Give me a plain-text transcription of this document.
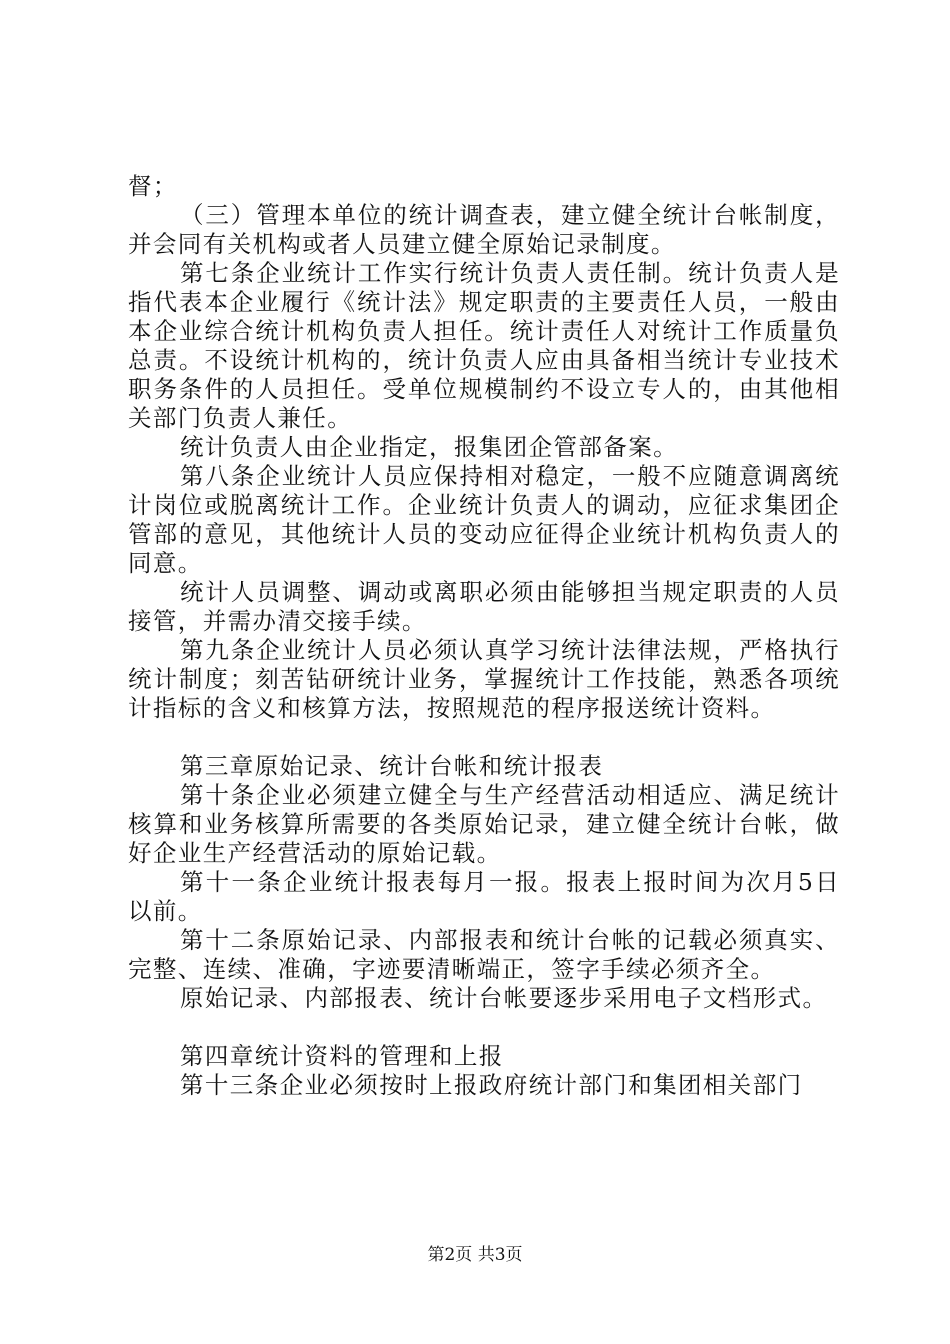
督；

（三）管理本单位的统计调查表，建立健全统计台帐制度，并会同有关机构或者人员建立健全原始记录制度。

第七条企业统计工作实行统计负责人责任制。统计负责人是指代表本企业履行《统计法》规定职责的主要责任人员，一般由本企业综合统计机构负责人担任。统计责任人对统计工作质量负总责。不设统计机构的，统计负责人应由具备相当统计专业技术职务条件的人员担任。受单位规模制约不设立专人的，由其他相关部门负责人兼任。

统计负责人由企业指定，报集团企管部备案。

第八条企业统计人员应保持相对稳定，一般不应随意调离统计岗位或脱离统计工作。企业统计负责人的调动，应征求集团企管部的意见，其他统计人员的变动应征得企业统计机构负责人的同意。

统计人员调整、调动或离职必须由能够担当规定职责的人员接管，并需办清交接手续。

第九条企业统计人员必须认真学习统计法律法规，严格执行统计制度；刻苦钻研统计业务，掌握统计工作技能，熟悉各项统计指标的含义和核算方法，按照规范的程序报送统计资料。

第三章原始记录、统计台帐和统计报表

第十条企业必须建立健全与生产经营活动相适应、满足统计核算和业务核算所需要的各类原始记录，建立健全统计台帐，做好企业生产经营活动的原始记载。

第十一条企业统计报表每月一报。报表上报时间为次月5日以前。

第十二条原始记录、内部报表和统计台帐的记载必须真实、完整、连续、准确，字迹要清晰端正，签字手续必须齐全。

原始记录、内部报表、统计台帐要逐步采用电子文档形式。

第四章统计资料的管理和上报

第十三条企业必须按时上报政府统计部门和集团相关部门

第2页 共3页
